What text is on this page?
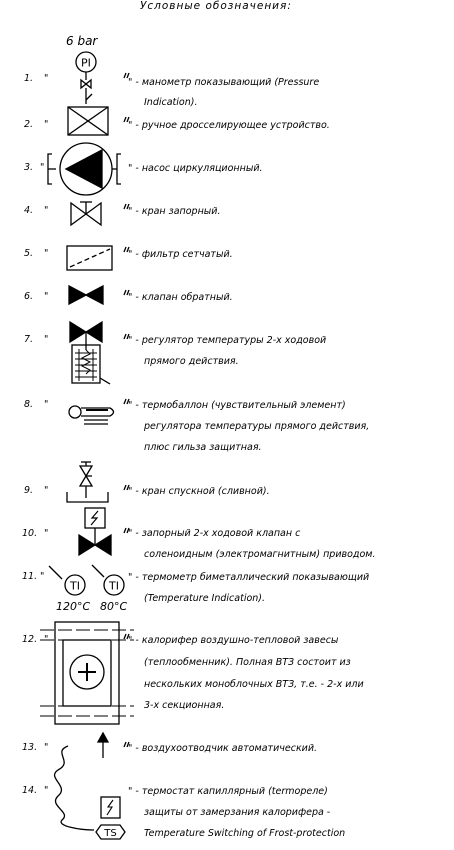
Условные обозначения:
1.
2.
3.
4.
5.
6.
7.
8.
9.
10.
11.
12.
13.
14.
"
"
"
"
"
"
"
"
"
"
"
"
"
"
" - манометр показывающий (Pressure
Indication).
" - ручное дросселирующее устройство.
" - насос циркуляционный.
" - кран запорный.
" - фильтр сетчатый.
" - клапан обратный.
" - регулятор температуры 2-х ходовой
прямого действия.
" - термобаллон (чувствительный элемент)
регулятора температуры прямого действия,
плюс гильза защитная.
" - кран спускной (сливной).
" - запорный 2-х ходовой клапан с
соленоидным (электромагнитным) приводом.
" - термометр биметаллический показывающий
(Temperature Indication).
" - калорифер воздушно-тепловой завесы
(теплообменник). Полная ВТЗ состоит из
нескольких моноблочных ВТЗ, т.е. - 2-х или
3-х секционная.
" - воздухоотводчик автоматический.
" - термостат капиллярный (termореле)
защиты от замерзания калорифера -
Temperature Switching of Frost-protection
6 bar
120°C 80°C
PI
TI	TI
TS
